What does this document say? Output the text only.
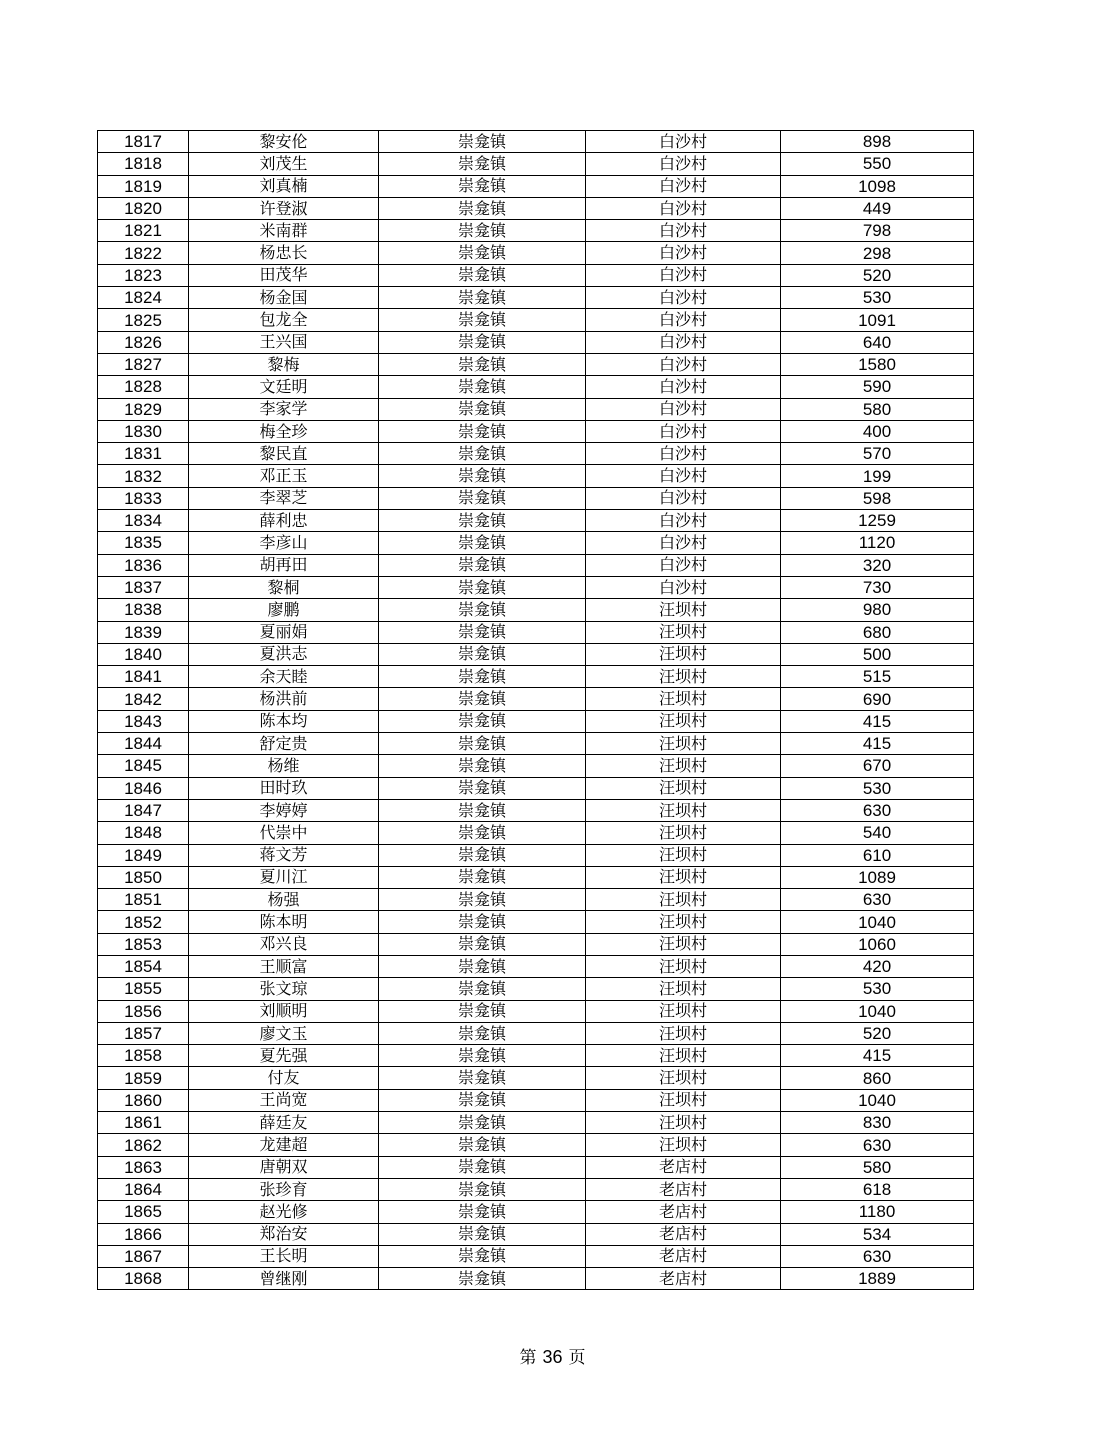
1817	黎安伦	崇龛镇	白沙村	898
1818	刘茂生	崇龛镇	白沙村	550
1819	刘真楠	崇龛镇	白沙村	1098
1820	许登淑	崇龛镇	白沙村	449
1821	米南群	崇龛镇	白沙村	798
1822	杨忠长	崇龛镇	白沙村	298
1823	田茂华	崇龛镇	白沙村	520
1824	杨金国	崇龛镇	白沙村	530
1825	包龙全	崇龛镇	白沙村	1091
1826	王兴国	崇龛镇	白沙村	640
1827	黎梅	崇龛镇	白沙村	1580
1828	文廷明	崇龛镇	白沙村	590
1829	李家学	崇龛镇	白沙村	580
1830	梅全珍	崇龛镇	白沙村	400
1831	黎民直	崇龛镇	白沙村	570
1832	邓正玉	崇龛镇	白沙村	199
1833	李翠芝	崇龛镇	白沙村	598
1834	薛利忠	崇龛镇	白沙村	1259
1835	李彦山	崇龛镇	白沙村	1120
1836	胡再田	崇龛镇	白沙村	320
1837	黎桐	崇龛镇	白沙村	730
1838	廖鹏	崇龛镇	汪坝村	980
1839	夏丽娟	崇龛镇	汪坝村	680
1840	夏洪志	崇龛镇	汪坝村	500
1841	余天睦	崇龛镇	汪坝村	515
1842	杨洪前	崇龛镇	汪坝村	690
1843	陈本均	崇龛镇	汪坝村	415
1844	舒定贵	崇龛镇	汪坝村	415
1845	杨维	崇龛镇	汪坝村	670
1846	田时玖	崇龛镇	汪坝村	530
1847	李婷婷	崇龛镇	汪坝村	630
1848	代崇中	崇龛镇	汪坝村	540
1849	蒋文芳	崇龛镇	汪坝村	610
1850	夏川江	崇龛镇	汪坝村	1089
1851	杨强	崇龛镇	汪坝村	630
1852	陈本明	崇龛镇	汪坝村	1040
1853	邓兴良	崇龛镇	汪坝村	1060
1854	王顺富	崇龛镇	汪坝村	420
1855	张文琼	崇龛镇	汪坝村	530
1856	刘顺明	崇龛镇	汪坝村	1040
1857	廖文玉	崇龛镇	汪坝村	520
1858	夏先强	崇龛镇	汪坝村	415
1859	付友	崇龛镇	汪坝村	860
1860	王尚宽	崇龛镇	汪坝村	1040
1861	薛廷友	崇龛镇	汪坝村	830
1862	龙建超	崇龛镇	汪坝村	630
1863	唐朝双	崇龛镇	老店村	580
1864	张珍育	崇龛镇	老店村	618
1865	赵光修	崇龛镇	老店村	1180
1866	郑治安	崇龛镇	老店村	534
1867	王长明	崇龛镇	老店村	630
1868	曾继刚	崇龛镇	老店村	1889
第 36 页
